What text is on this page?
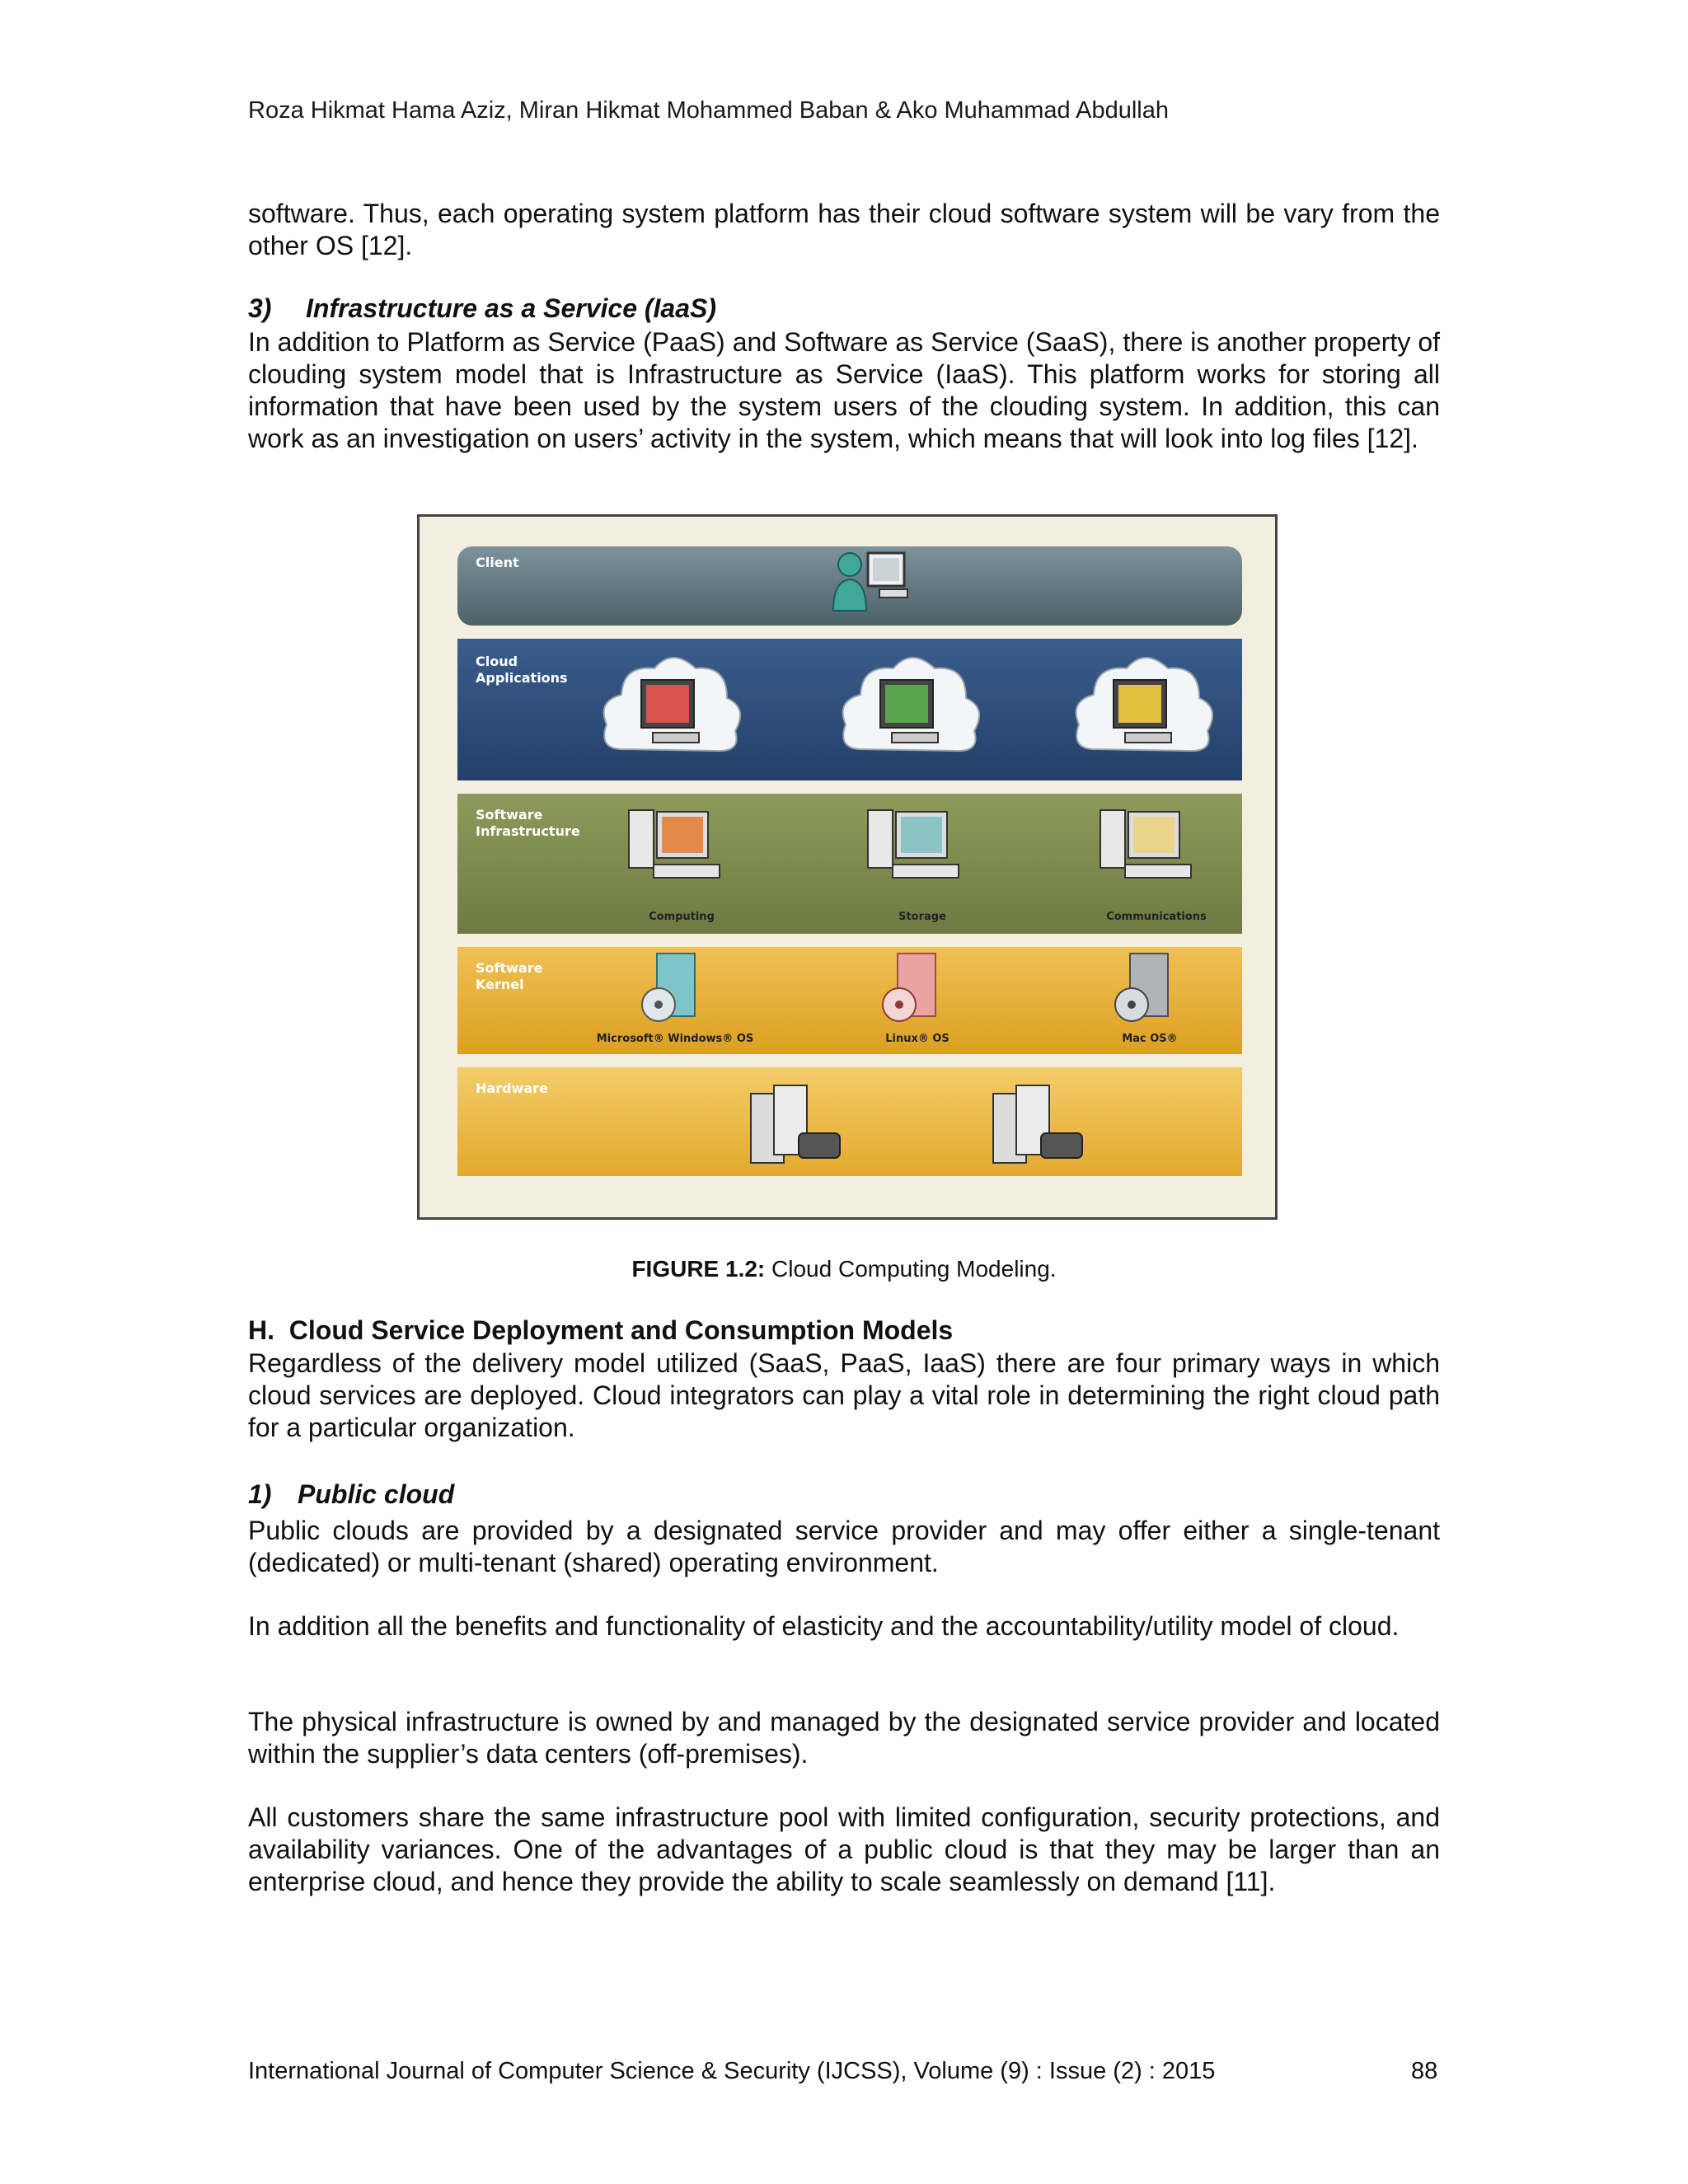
Roza Hikmat Hama Aziz, Miran Hikmat Mohammed Baban & Ako Muhammad Abdullah

software. Thus, each operating system platform has their cloud software system will be vary from the other OS [12].

3) Infrastructure as a Service (IaaS)

In addition to Platform as Service (PaaS) and Software as Service (SaaS), there is another property of clouding system model that is Infrastructure as Service (IaaS). This platform works for storing all information that have been used by the system users of the clouding system. In addition, this can work as an investigation on users’ activity in the system, which means that will look into log files [12].

Client
Cloud
Applications
Software
Infrastructure
Software
Kernel
Hardware
Computing	Storage	Communications
Microsoft® Windows® OS	Linux® OS	Mac OS®
FIGURE 1.2: Cloud Computing Modeling.
H. Cloud Service Deployment and Consumption Models

Regardless of the delivery model utilized (SaaS, PaaS, IaaS) there are four primary ways in which cloud services are deployed. Cloud integrators can play a vital role in determining the right cloud path for a particular organization.

1) Public cloud

Public clouds are provided by a designated service provider and may offer either a single-tenant (dedicated) or multi-tenant (shared) operating environment.

In addition all the benefits and functionality of elasticity and the accountability/utility model of cloud.

The physical infrastructure is owned by and managed by the designated service provider and located within the supplier’s data centers (off-premises).

All customers share the same infrastructure pool with limited configuration, security protections, and availability variances. One of the advantages of a public cloud is that they may be larger than an enterprise cloud, and hence they provide the ability to scale seamlessly on demand [11].

International Journal of Computer Science & Security (IJCSS), Volume (9) : Issue (2) : 2015	88
